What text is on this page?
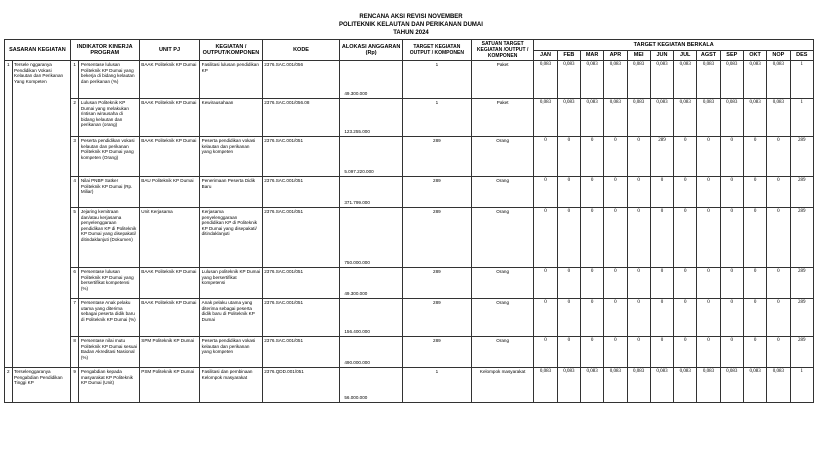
RENCANA AKSI REVISI NOVEMBER
POLITEKNIK KELAUTAN DAN PERIKANAN DUMAI
TAHUN 2024
SASARAN KEGIATAN		INDIKATOR KINERJA PROGRAM		UNIT PJ	KEGIATAN / OUTPUT/KOMPONEN	KODE	ALOKASI ANGGARAN (Rp)	TARGET KEGIATAN OUTPUT / KOMPONEN	SATUAN TARGET KEGIATAN /OUTPUT / KOMPONEN	TARGET KEGIATAN BERKALA											
										JAN	FEB	MAR	APR	MEI	JUN	JUL	AGST	SEP	OKT	NOP	DES
1	Tersele nggaranya Pendidikan Vokasi Kelautan dan Perikanan Yang Kompeten	1	Persentase lulusan Politeknik KP Dumai yang bekerja di bidang kelautan dan perikanan (%)	BAAK Politeknik KP Dumai	Fasilitasi lulusan pendidikan KP	2376.SAC.001/056	49.300.000	1	Paket	0,083	0,083	0,083	0,083	0,083	0,083	0,083	0,083	0,083	0,083	0,083	1
		2	Lulusan Politeknik KP Dumai yang melakukan rintisan wirausaha di bidang kelautan dan perikanan (orang)	BAAK Politeknik KP Dumai	Kewirausahaan	2376.SAC.001/056.08	123.255.000	1	Paket	0,083	0,083	0,083	0,083	0,083	0,083	0,083	0,083	0,083	0,083	0,083	1
		3	Peserta pendidikan vokasi kelautan dan perikanan Politeknik KP Dumai yang kompeten (Orang)	BAAK Politeknik KP Dumai	Peserta pendidikan vokasi kelautan dan perikanan yang kompeten	2376.SAC.001/051	5.097.220.000	289	Orang	0	0	0	0	0	289	0	0	0	0	0	289
		4	Nilai PNBP Satker Politeknik KP Dumai (Rp. Miliar)	BAU Politeknik KP Dumai	Penerimaan Peserta Didik Baru	2376.SAC.001/051	371.799.000	289	Orang	0	0	0	0	0	0	0	0	0	0	0	289
		5	Jejaring kemitraan dan/atau kerjasama penyelenggaraan pendidikan KP di Politeknik KP Dumai yang disepakati/ ditindaklanjuti (Dokumen)	Unit Kerjasama	Kerjasama penyelenggaraan pendidikan KP di Politeknik KP Dumai yang disepakati/ ditindaklanjuti	2376.SAC.001/051	750.000.000	289	Orang	0	0	0	0	0	0	0	0	0	0	0	289
		6	Persentase lulusan Politeknik KP Dumai yang bersertifikat kompetensi (%)	BAAK Politeknik KP Dumai	Lulusan politeknik KP Dumai yang bersertifikat kompetensi	2376.SAC.001/051	49.300.000	289	Orang	0	0	0	0	0	0	0	0	0	0	0	289
		7	Persentase Anak pelaku utama yang diterima sebagai peserta didik baru di Politeknik KP Dumai (%)	BAAK Politeknik KP Dumai	Anak pelaku utama yang diterima sebagai peserta didik baru di Politeknik KP Dumai	2376.SAC.001/051	156.400.000	289	Orang	0	0	0	0	0	0	0	0	0	0	0	289
		8	Persentase nilai mutu Politeknik KP Dumai sesuai Badan Akreditasi Nasional (%)	SPM Politeknik KP Dumai	Peserta pendidikan vokasi kelautan dan perikanan yang kompeten	2376.SAC.001/051	490.000.000	289	Orang	0	0	0	0	0	0	0	0	0	0	0	289
2	Terselenggaranya Pengabdian Pendidikan Tinggi KP	9	Pengabdian kepada masyarakat KP Politeknik KP Dumai (Unit)	PSM Politeknik KP Dumai	Fasilitasi dan pembinaan Kelompok masyarakat	2376.QDD.001/051	56.000.000	1	Kelompok masyarakat	0,083	0,083	0,083	0,083	0,083	0,083	0,083	0,083	0,083	0,083	0,083	1
